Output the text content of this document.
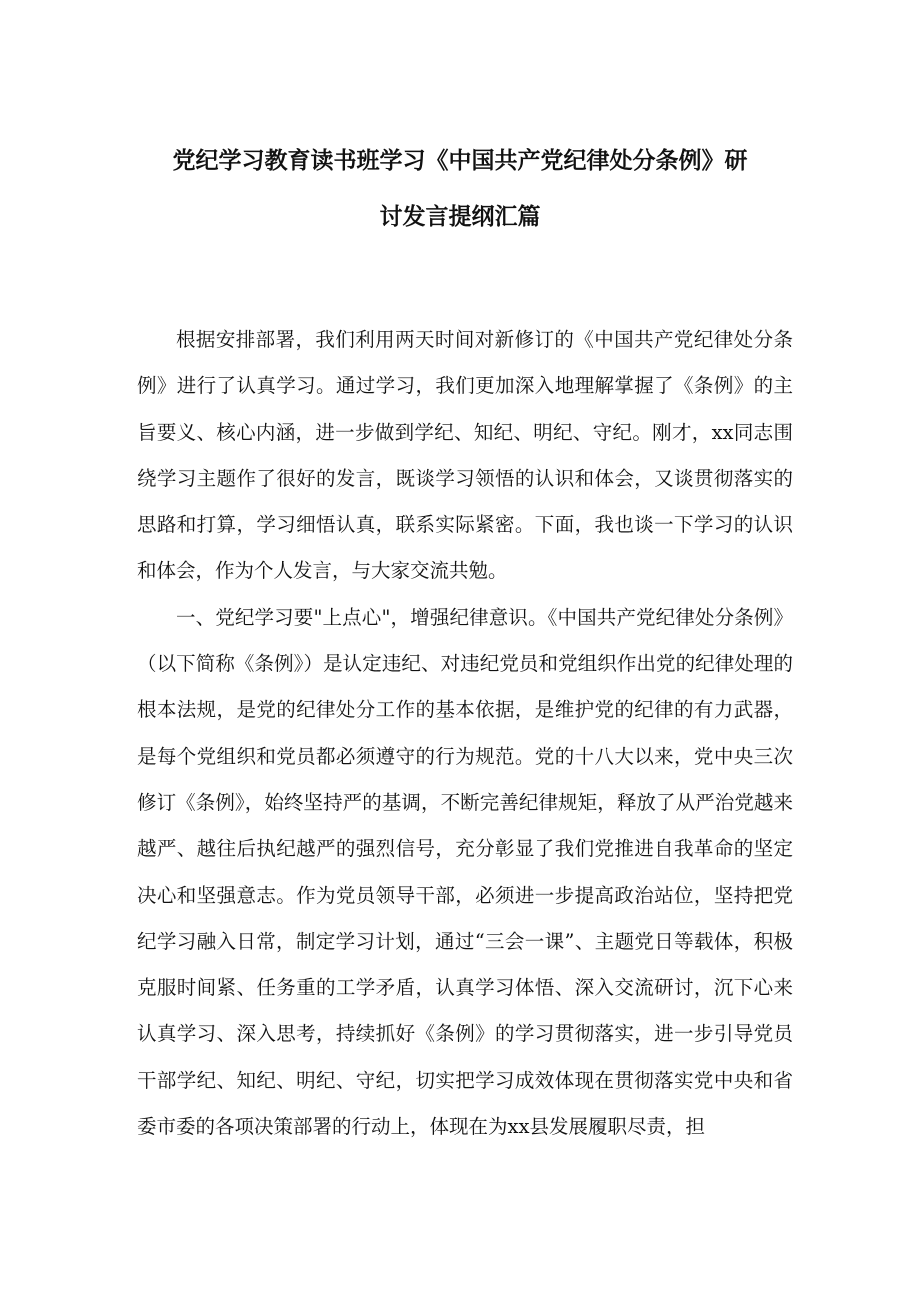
党纪学习教育读书班学习《中国共产党纪律处分条例》研
讨发言提纲汇篇

根据安排部署，我们利用两天时间对新修订的《中国共产党纪律处分条例》进行了认真学习。通过学习，我们更加深入地理解掌握了《条例》的主旨要义、核心内涵，进一步做到学纪、知纪、明纪、守纪。刚才，xx同志围绕学习主题作了很好的发言，既谈学习领悟的认识和体会，又谈贯彻落实的思路和打算，学习细悟认真，联系实际紧密。下面，我也谈一下学习的认识和体会，作为个人发言，与大家交流共勉。

一、党纪学习要"上点心"，增强纪律意识。《中国共产党纪律处分条例》（以下简称《条例》）是认定违纪、对违纪党员和党组织作出党的纪律处理的根本法规，是党的纪律处分工作的基本依据，是维护党的纪律的有力武器，是每个党组织和党员都必须遵守的行为规范。党的十八大以来，党中央三次修订《条例》，始终坚持严的基调，不断完善纪律规矩，释放了从严治党越来越严、越往后执纪越严的强烈信号，充分彰显了我们党推进自我革命的坚定决心和坚强意志。作为党员领导干部，必须进一步提高政治站位，坚持把党纪学习融入日常，制定学习计划，通过“三会一课”、主题党日等载体，积极克服时间紧、任务重的工学矛盾，认真学习体悟、深入交流研讨，沉下心来认真学习、深入思考，持续抓好《条例》的学习贯彻落实，进一步引导党员干部学纪、知纪、明纪、守纪，切实把学习成效体现在贯彻落实党中央和省委市委的各项决策部署的行动上，体现在为xx县发展履职尽责，担
